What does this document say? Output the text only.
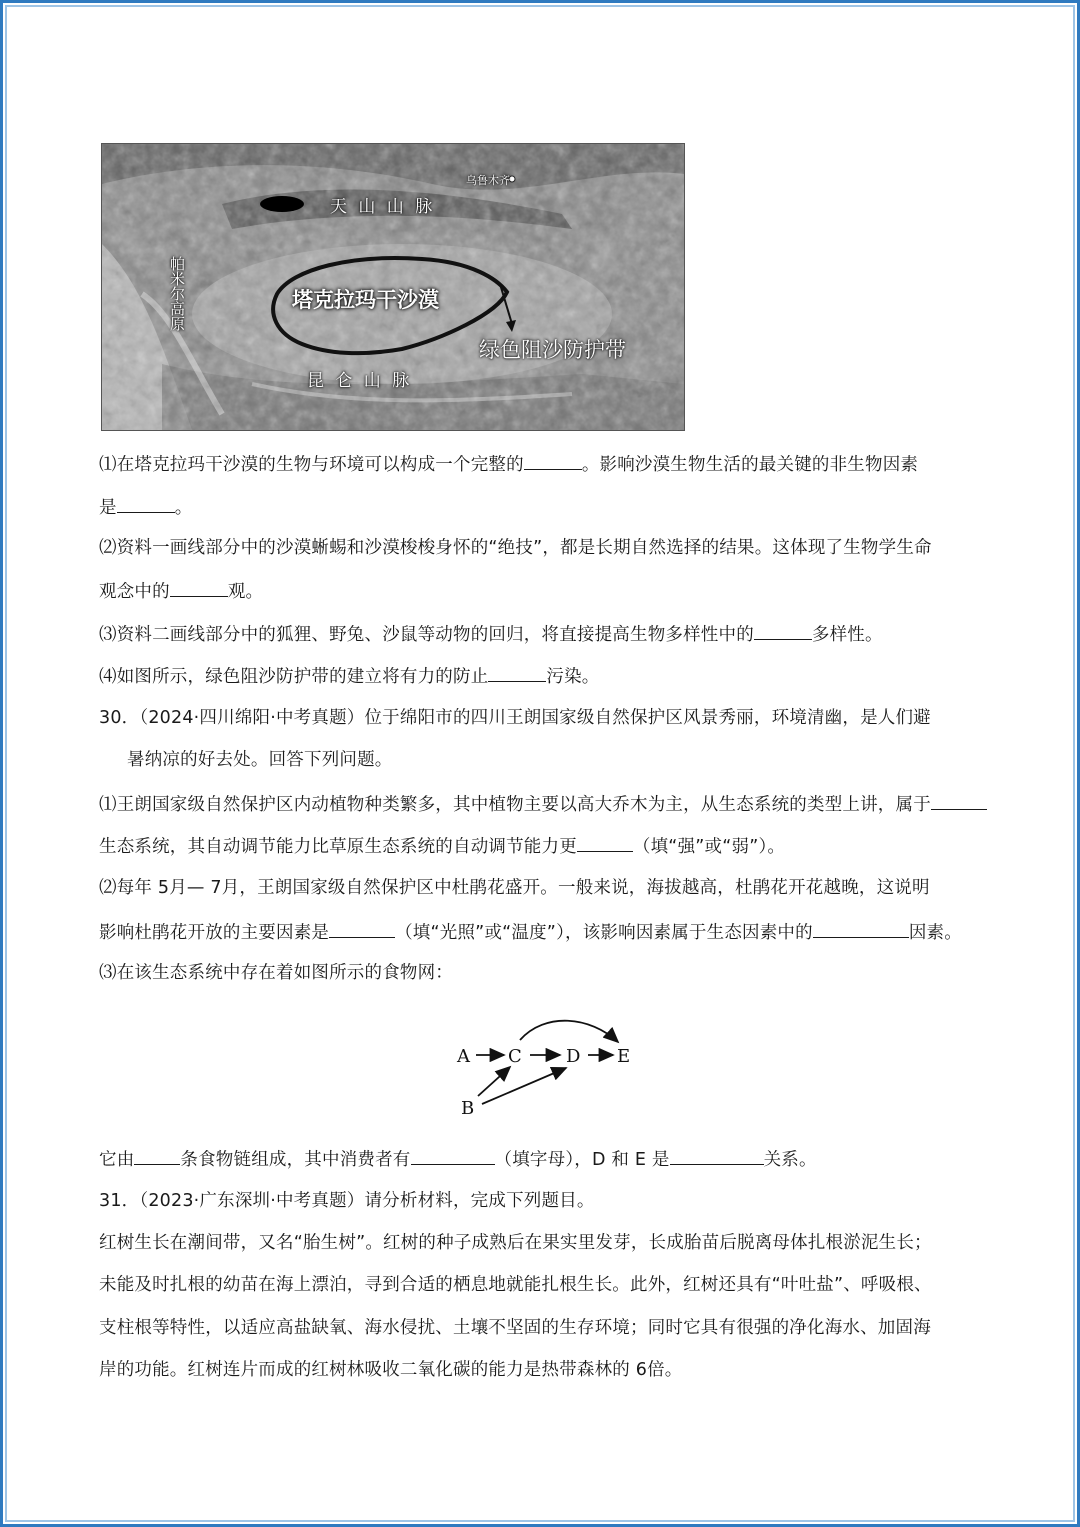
乌鲁木齐
天 山 山 脉
塔克拉玛干沙漠
绿色阻沙防护带
帕米尔高原
昆 仑 山 脉
⑴在塔克拉玛干沙漠的生物与环境可以构成一个完整的	。影响沙漠生物生活的最关键的非生物因素
是	。
⑵资料一画线部分中的沙漠蜥蜴和沙漠梭梭身怀的“绝技”，都是长期自然选择的结果。这体现了生物学生命
观念中的	观。
⑶资料二画线部分中的狐狸、野兔、沙鼠等动物的回归，将直接提高生物多样性中的	多样性。
⑷如图所示，绿色阻沙防护带的建立将有力的防止	污染。
30．（2024·四川绵阳·中考真题）位于绵阳市的四川王朗国家级自然保护区风景秀丽，环境清幽，是人们避
暑纳凉的好去处。回答下列问题。
⑴王朗国家级自然保护区内动植物种类繁多，其中植物主要以高大乔木为主，从生态系统的类型上讲，属于
生态系统，其自动调节能力比草原生态系统的自动调节能力更	（填“强”或“弱”）。
⑵每年 5月— 7月，王朗国家级自然保护区中杜鹃花盛开。一般来说，海拔越高，杜鹃花开花越晚，这说明
影响杜鹃花开放的主要因素是	（填“光照”或“温度”），该影响因素属于生态因素中的	因素。
⑶在该生态系统中存在着如图所示的食物网：
A C D E
B
它由	条食物链组成，其中消费者有	（填字母），D 和 E 是	关系。
31．（2023·广东深圳·中考真题）请分析材料，完成下列题目。
红树生长在潮间带，又名“胎生树”。红树的种子成熟后在果实里发芽，长成胎苗后脱离母体扎根淤泥生长；
未能及时扎根的幼苗在海上漂泊，寻到合适的栖息地就能扎根生长。此外，红树还具有“叶吐盐”、呼吸根、
支柱根等特性，以适应高盐缺氧、海水侵扰、土壤不坚固的生存环境；同时它具有很强的净化海水、加固海
岸的功能。红树连片而成的红树林吸收二氧化碳的能力是热带森林的 6倍。
